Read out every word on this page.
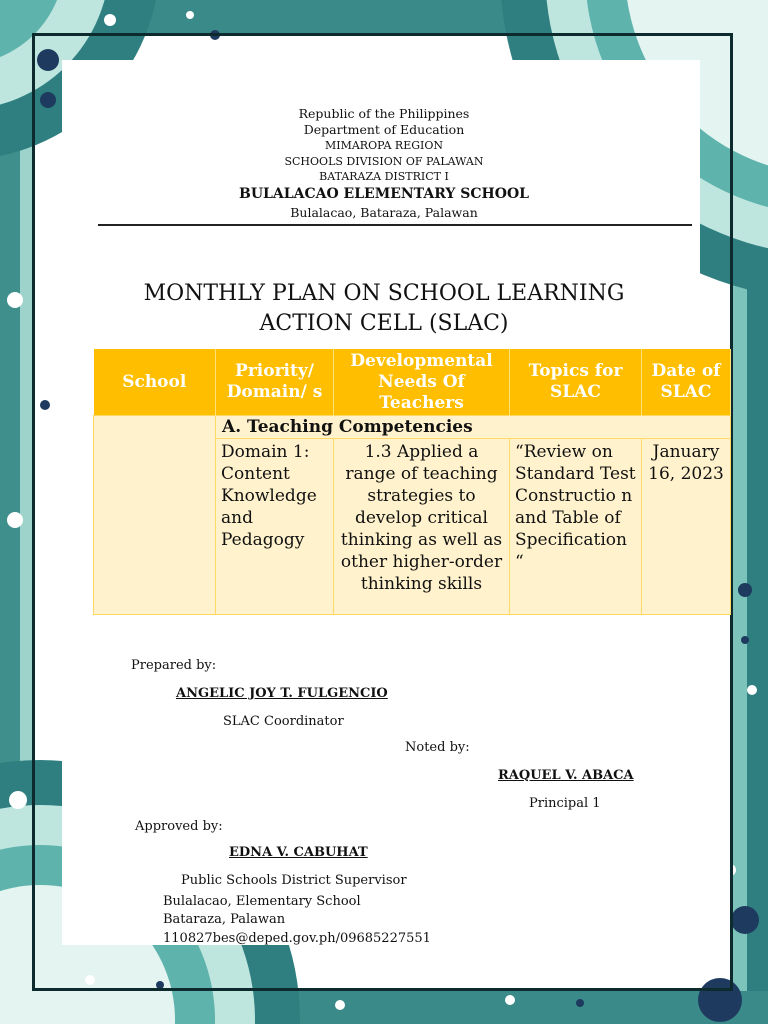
Republic of the Philippines
Department of Education
MIMAROPA REGION
SCHOOLS DIVISION OF PALAWAN
BATARAZA DISTRICT I
BULALACAO ELEMENTARY SCHOOL
Bulalacao, Bataraza, Palawan
MONTHLY PLAN ON SCHOOL LEARNING
ACTION CELL (SLAC)
School	Priority/ Domain/ s	Developmental Needs Of Teachers	Topics for SLAC	Date of SLAC
	A. Teaching Competencies			
	Domain 1: Content Knowledge and Pedagogy	1.3 Applied a range of teaching strategies to develop critical thinking as well as other higher-order thinking skills	“Review on Standard Test Constructio n and Table of Specification “	January 16, 2023
Prepared by:
ANGELIC JOY T. FULGENCIO
SLAC Coordinator
Noted by:
RAQUEL V. ABACA
Principal 1
Approved by:
EDNA V. CABUHAT
Public Schools District Supervisor
Bulalacao, Elementary School
Bataraza, Palawan
110827bes@deped.gov.ph/09685227551
